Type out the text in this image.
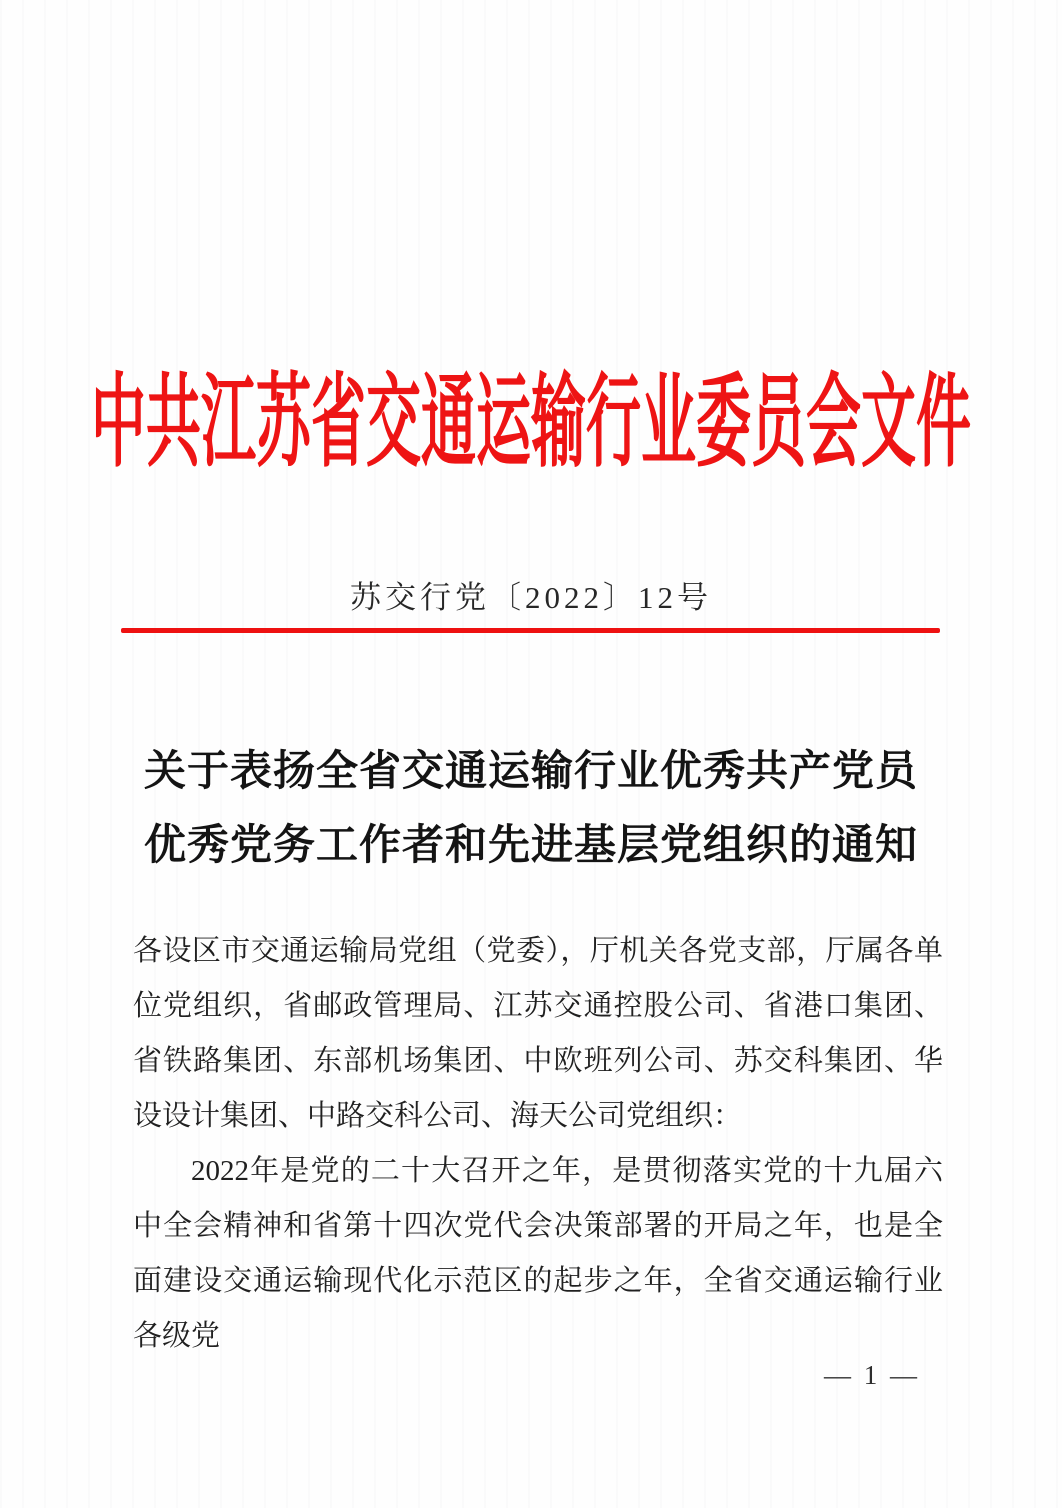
中共江苏省交通运输行业委员会文件
苏交行党〔2022〕12号
关于表扬全省交通运输行业优秀共产党员
优秀党务工作者和先进基层党组织的通知

各设区市交通运输局党组（党委），厅机关各党支部，厅属各单位党组织，省邮政管理局、江苏交通控股公司、省港口集团、省铁路集团、东部机场集团、中欧班列公司、苏交科集团、华设设计集团、中路交科公司、海天公司党组织：

2022年是党的二十大召开之年，是贯彻落实党的十九届六中全会精神和省第十四次党代会决策部署的开局之年，也是全面建设交通运输现代化示范区的起步之年，全省交通运输行业各级党

— 1 —
